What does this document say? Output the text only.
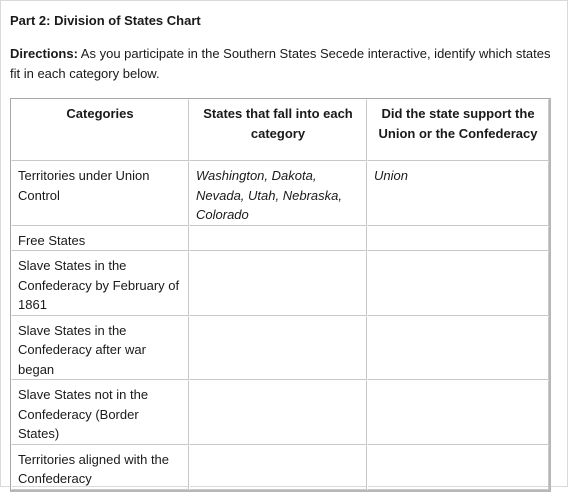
Part 2: Division of States Chart
Directions: As you participate in the Southern States Secede interactive, identify which states fit in each category below.
Categories	States that fall into each category	Did the state support the Union or the Confederacy
Territories under Union Control	Washington, Dakota, Nevada, Utah, Nebraska, Colorado	Union
Free States		
Slave States in the Confederacy by February of 1861		
Slave States in the Confederacy after war began		
Slave States not in the Confederacy (Border States)		
Territories aligned with the Confederacy		
